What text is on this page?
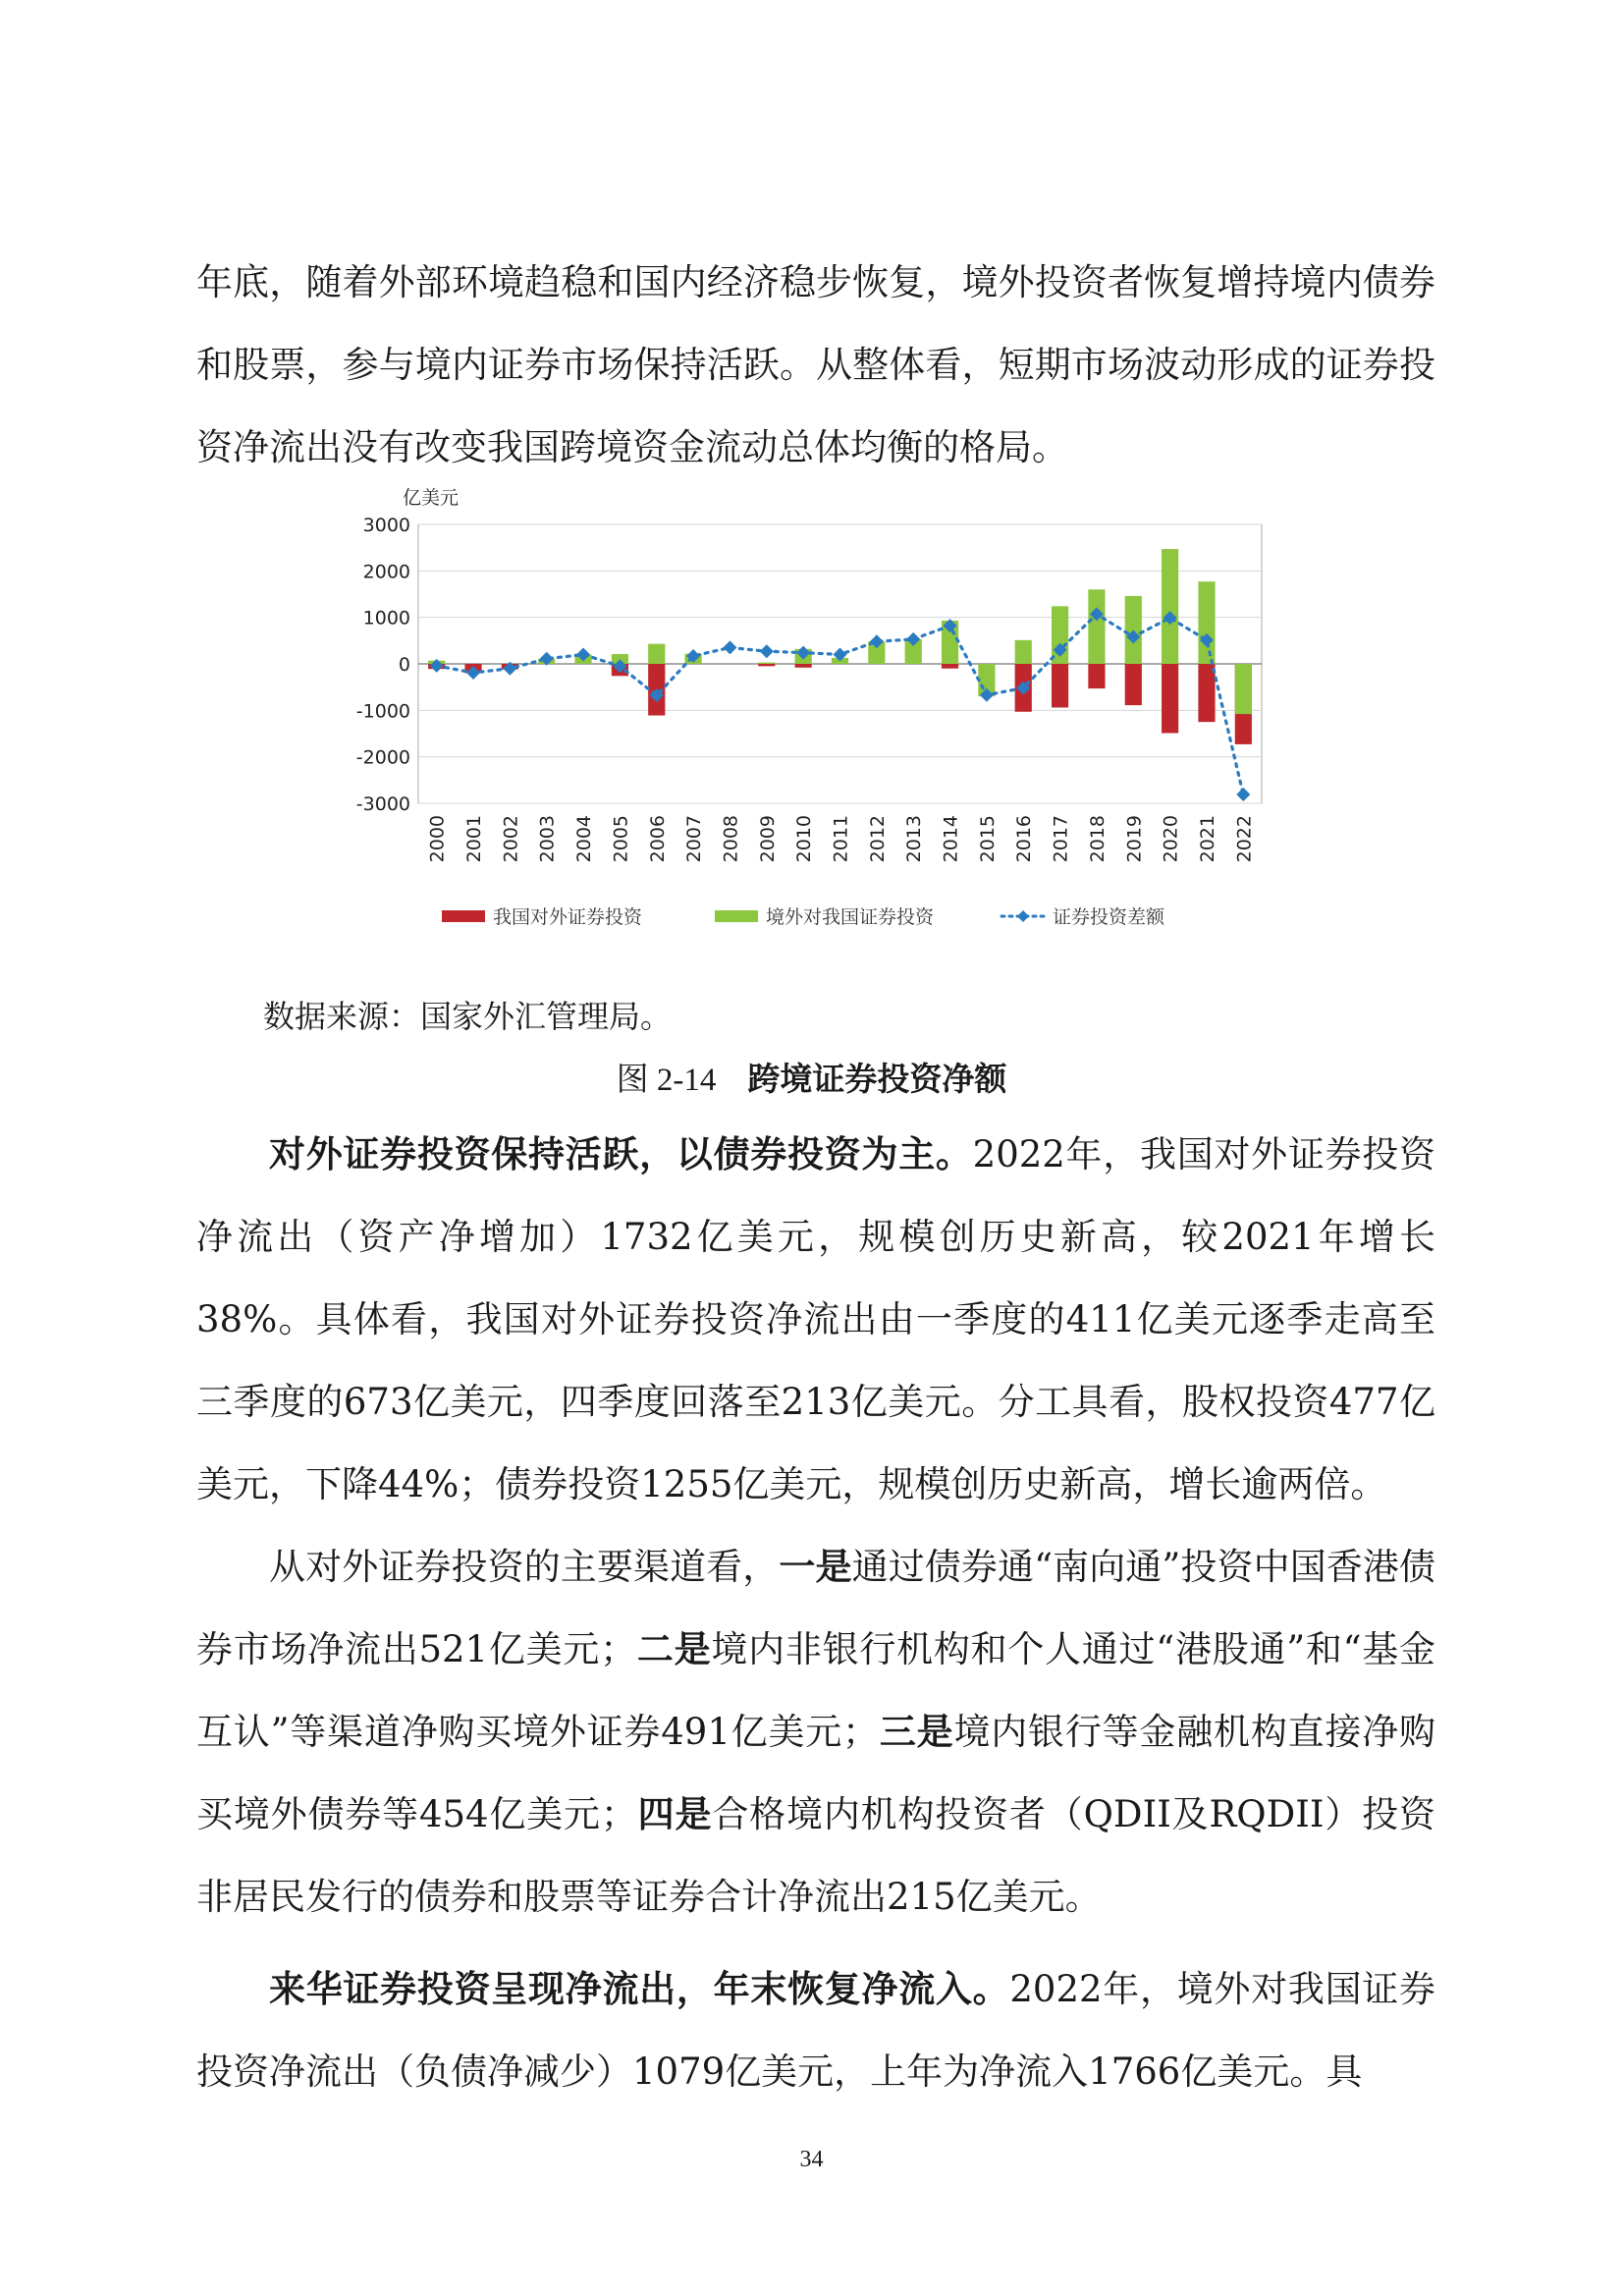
年底，随着外部环境趋稳和国内经济稳步恢复，境外投资者恢复增持境内债券和股票，参与境内证券市场保持活跃。从整体看，短期市场波动形成的证券投资净流出没有改变我国跨境资金流动总体均衡的格局。

亿美元
3000
2000
1000
0
-1000
-2000
-3000
2000 2001 2002 2003 2004 2005 2006 2007 2008 2009 2010 2011 2012 2013 2014 2015 2016 2017 2018 2019 2020 2021 2022
我国对外证券投资	境外对我国证券投资	证券投资差额
数据来源：国家外汇管理局。
图 2-14 跨境证券投资净额

对外证券投资保持活跃，以债券投资为主。2022年，我国对外证券投资净流出（资产净增加）1732亿美元，规模创历史新高，较2021年增长38%。具体看，我国对外证券投资净流出由一季度的411亿美元逐季走高至三季度的673亿美元，四季度回落至213亿美元。分工具看，股权投资477亿美元，下降44%；债券投资1255亿美元，规模创历史新高，增长逾两倍。

从对外证券投资的主要渠道看，一是通过债券通“南向通”投资中国香港债券市场净流出521亿美元；二是境内非银行机构和个人通过“港股通”和“基金互认”等渠道净购买境外证券491亿美元；三是境内银行等金融机构直接净购买境外债券等454亿美元；四是合格境内机构投资者（QDII及RQDII）投资非居民发行的债券和股票等证券合计净流出215亿美元。

来华证券投资呈现净流出，年末恢复净流入。2022年，境外对我国证券投资净流出（负债净减少）1079亿美元，上年为净流入1766亿美元。具

34
